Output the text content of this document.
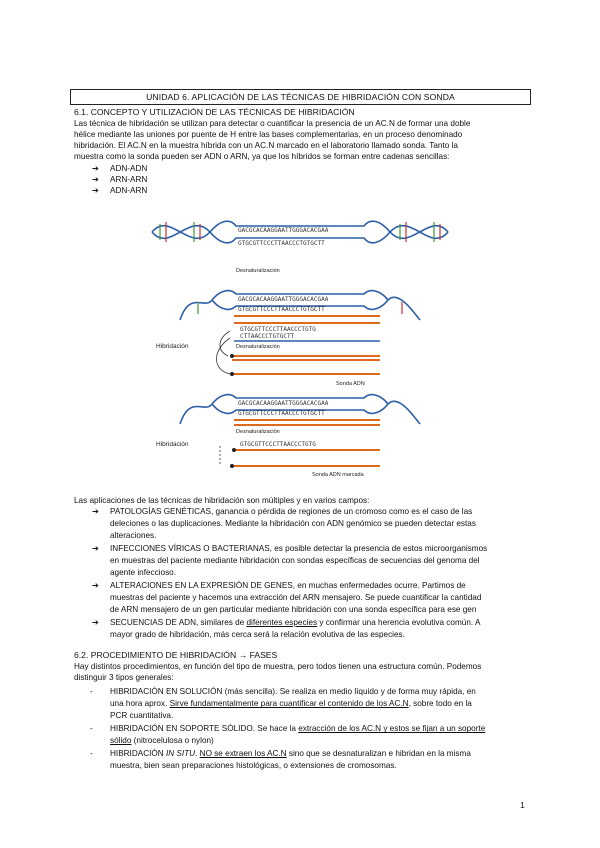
UNIDAD 6. APLICACIÓN DE LAS TÉCNICAS DE HIBRIDACIÓN CON SONDA
6.1. CONCEPTO Y UTILIZACIÓN DE LAS TÉCNICAS DE HIBRIDACIÓN

Las técnica de hibridación se utilizan para detectar o cuantificar la presencia de un AC.N de formar una doble
hélice mediante las uniones por puente de H entre las bases complementarias, en un proceso denominado
hibridación. El AC.N en la muestra híbrida con un AC.N marcado en el laboratorio llamado sonda. Tanto la
muestra como la sonda pueden ser ADN o ARN, ya que los híbridos se forman entre cadenas sencillas:

➔ ADN-ADN
➔ ARN-ARN
➔ ADN-ARN
GACGCACAAGGAATTGGGACACGAA
GTGCGTTCCCTTAACCCTGTGCTT
Desnaturalización
GACGCACAAGGAATTGGGACACGAA
GTGCGTTCCCTTAACCCTGTGCTT
GTGCGTTCCCTTAACCCTGTG
CTTAACCCTGTGCTT
Desnaturalización
Hibridación
Sonda ADN
GACGCACAAGGAATTGGGACACGAA
GTGCGTTCCCTTAACCCTGTGCTT
Desnaturalización
Hibridación	GTGCGTTCCCTTAACCCTGTG
Sonda ADN marcada

Las aplicaciones de las técnicas de hibridación son múltiples y en varios campos:

➔ PATOLOGÍAS GENÉTICAS, ganancia o pérdida de regiones de un cromoso como es el caso de las
deleciones o las duplicaciones. Mediante la hibridación con ADN genómico se pueden detectar estas
alteraciones.
➔ INFECCIONES VÍRICAS O BACTERIANAS, es posible detectar la presencia de estos microorganismos
en muestras del paciente mediante hibridación con sondas específicas de secuencias del genoma del
agente infeccioso.
➔ ALTERACIONES EN LA EXPRESIÓN DE GENES, en muchas enfermedades ocurre. Partimos de
muestras del paciente y hacemos una extracción del ARN mensajero. Se puede cuantificar la cantidad
de ARN mensajero de un gen particular mediante hibridación con una sonda específica para ese gen
➔ SECUENCIAS DE ADN, similares de diferentes especies y confirmar una herencia evolutiva común. A
mayor grado de hibridación, más cerca será la relación evolutiva de las especies.
6.2. PROCEDIMIENTO DE HIBRIDACIÓN → FASES

Hay distintos procedimientos, en función del tipo de muestra, pero todos tienen una estructura común. Podemos
distinguir 3 tipos generales:

- HIBRIDACIÓN EN SOLUCIÓN (más sencilla). Se realiza en medio líquido y de forma muy rápida, en
una hora aprox. Sirve fundamentalmente para cuantificar el contenido de los AC.N, sobre todo en la
PCR cuantitativa.
- HIBRIDACIÓN EN SOPORTE SÓLIDO. Se hace la extracción de los AC.N y estos se fijan a un soporte
sólido (nitrocelulosa o nylon)
- HIBRIDACIÓN IN SITU. NO se extraen los AC.N sino que se desnaturalizan e hibridan en la misma
muestra, bien sean preparaciones histológicas, o extensiones de cromosomas.
1
